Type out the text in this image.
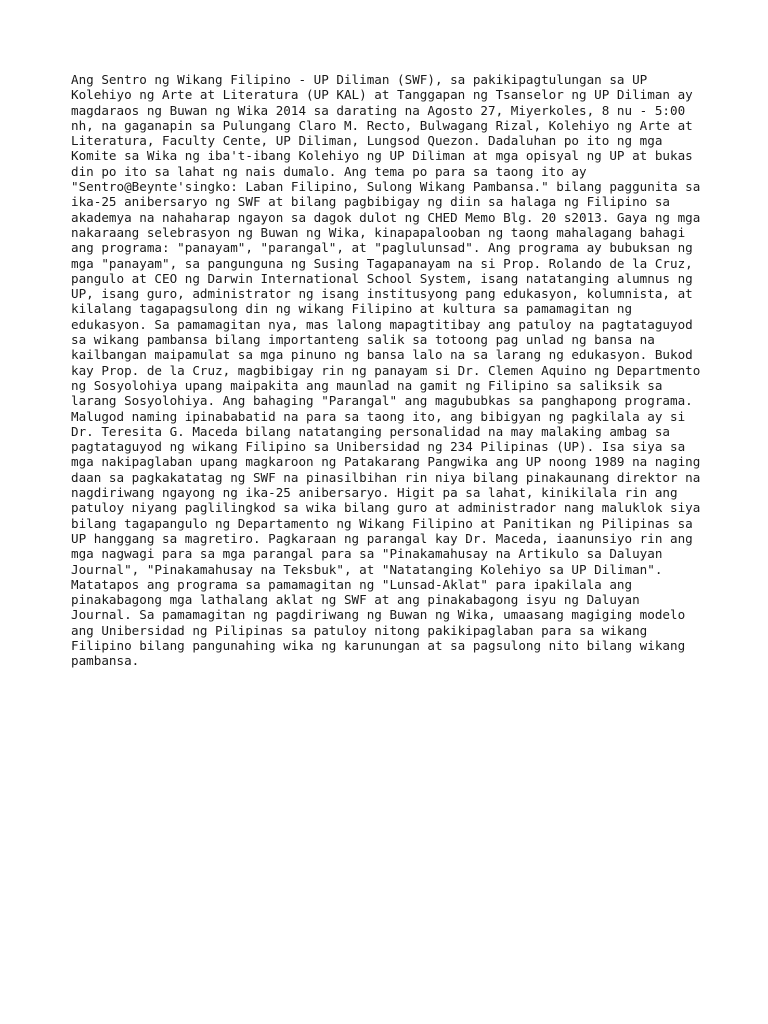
Ang Sentro ng Wikang Filipino - UP Diliman (SWF), sa pakikipagtulungan sa UP
Kolehiyo ng Arte at Literatura (UP KAL) at Tanggapan ng Tsanselor ng UP Diliman ay
magdaraos ng Buwan ng Wika 2014 sa darating na Agosto 27, Miyerkoles, 8 nu - 5:00
nh, na gaganapin sa Pulungang Claro M. Recto, Bulwagang Rizal, Kolehiyo ng Arte at
Literatura, Faculty Cente, UP Diliman, Lungsod Quezon. Dadaluhan po ito ng mga
Komite sa Wika ng iba't-ibang Kolehiyo ng UP Diliman at mga opisyal ng UP at bukas
din po ito sa lahat ng nais dumalo. Ang tema po para sa taong ito ay
"Sentro@Beynte'singko: Laban Filipino, Sulong Wikang Pambansa." bilang paggunita sa
ika-25 anibersaryo ng SWF at bilang pagbibigay ng diin sa halaga ng Filipino sa
akademya na nahaharap ngayon sa dagok dulot ng CHED Memo Blg. 20 s2013. Gaya ng mga
nakaraang selebrasyon ng Buwan ng Wika, kinapapalooban ng taong mahalagang bahagi
ang programa: "panayam", "parangal", at "paglulunsad". Ang programa ay bubuksan ng
mga "panayam", sa pangunguna ng Susing Tagapanayam na si Prop. Rolando de la Cruz,
pangulo at CEO ng Darwin International School System, isang natatanging alumnus ng
UP, isang guro, administrator ng isang institusyong pang edukasyon, kolumnista, at
kilalang tagapagsulong din ng wikang Filipino at kultura sa pamamagitan ng
edukasyon. Sa pamamagitan nya, mas lalong mapagtitibay ang patuloy na pagtataguyod
sa wikang pambansa bilang importanteng salik sa totoong pag unlad ng bansa na
kailbangan maipamulat sa mga pinuno ng bansa lalo na sa larang ng edukasyon. Bukod
kay Prop. de la Cruz, magbibigay rin ng panayam si Dr. Clemen Aquino ng Departmento
ng Sosyolohiya upang maipakita ang maunlad na gamit ng Filipino sa saliksik sa
larang Sosyolohiya. Ang bahaging "Parangal" ang magububkas sa panghapong programa.
Malugod naming ipinababatid na para sa taong ito, ang bibigyan ng pagkilala ay si
Dr. Teresita G. Maceda bilang natatanging personalidad na may malaking ambag sa
pagtataguyod ng wikang Filipino sa Unibersidad ng 234 Pilipinas (UP). Isa siya sa
mga nakipaglaban upang magkaroon ng Patakarang Pangwika ang UP noong 1989 na naging
daan sa pagkakatatag ng SWF na pinasilbihan rin niya bilang pinakaunang direktor na
nagdiriwang ngayong ng ika-25 anibersaryo. Higit pa sa lahat, kinikilala rin ang
patuloy niyang paglilingkod sa wika bilang guro at administrador nang maluklok siya
bilang tagapangulo ng Departamento ng Wikang Filipino at Panitikan ng Pilipinas sa
UP hanggang sa magretiro. Pagkaraan ng parangal kay Dr. Maceda, iaanunsiyo rin ang
mga nagwagi para sa mga parangal para sa "Pinakamahusay na Artikulo sa Daluyan
Journal", "Pinakamahusay na Teksbuk", at "Natatanging Kolehiyo sa UP Diliman".
Matatapos ang programa sa pamamagitan ng "Lunsad-Aklat" para ipakilala ang
pinakabagong mga lathalang aklat ng SWF at ang pinakabagong isyu ng Daluyan
Journal. Sa pamamagitan ng pagdiriwang ng Buwan ng Wika, umaasang magiging modelo
ang Unibersidad ng Pilipinas sa patuloy nitong pakikipaglaban para sa wikang
Filipino bilang pangunahing wika ng karunungan at sa pagsulong nito bilang wikang
pambansa.
